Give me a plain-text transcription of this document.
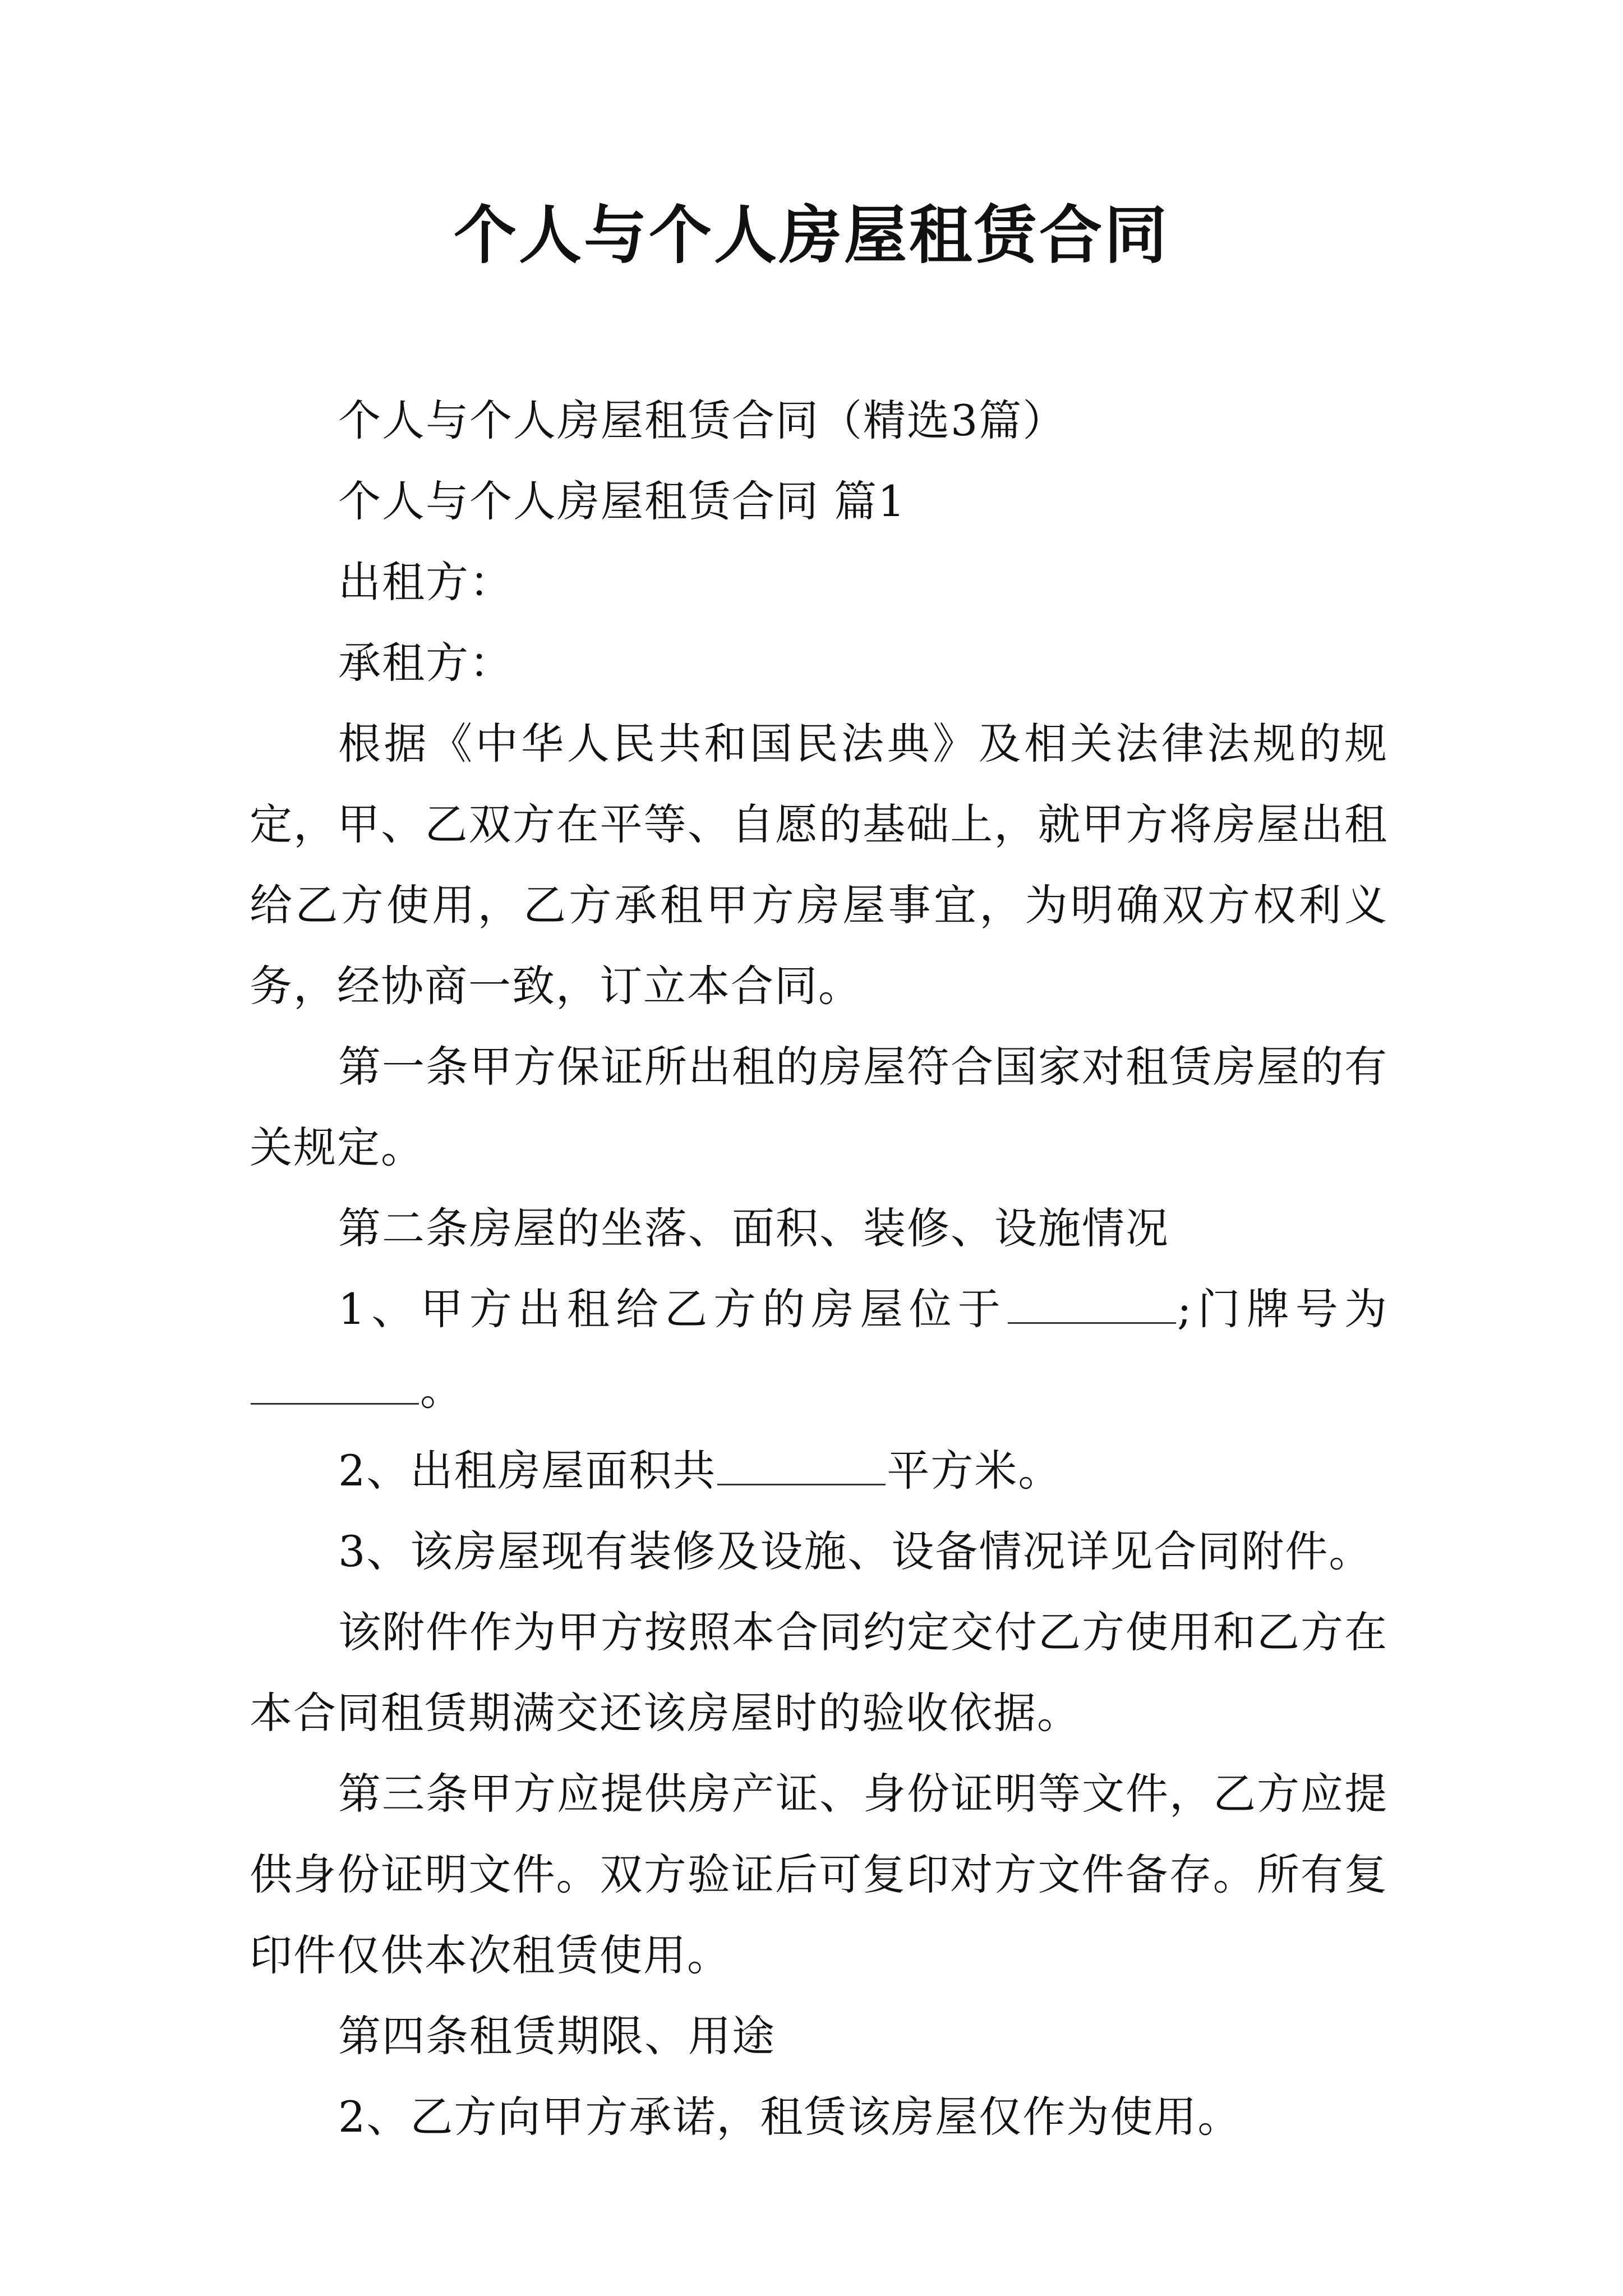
个人与个人房屋租赁合同

个人与个人房屋租赁合同（精选3篇）

个人与个人房屋租赁合同 篇1

出租方：

承租方：

根据《中华人民共和国民法典》及相关法律法规的规定，甲、乙双方在平等、自愿的基础上，就甲方将房屋出租给乙方使用，乙方承租甲方房屋事宜，为明确双方权利义务，经协商一致，订立本合同。

第一条甲方保证所出租的房屋符合国家对租赁房屋的有关规定。

第二条房屋的坐落、面积、装修、设施情况

1、甲方出租给乙方的房屋位于	;门牌号为。

2、出租房屋面积共	平方米。

3、该房屋现有装修及设施、设备情况详见合同附件。

该附件作为甲方按照本合同约定交付乙方使用和乙方在本合同租赁期满交还该房屋时的验收依据。

第三条甲方应提供房产证、身份证明等文件，乙方应提供身份证明文件。双方验证后可复印对方文件备存。所有复印件仅供本次租赁使用。

第四条租赁期限、用途

2、乙方向甲方承诺，租赁该房屋仅作为使用。
